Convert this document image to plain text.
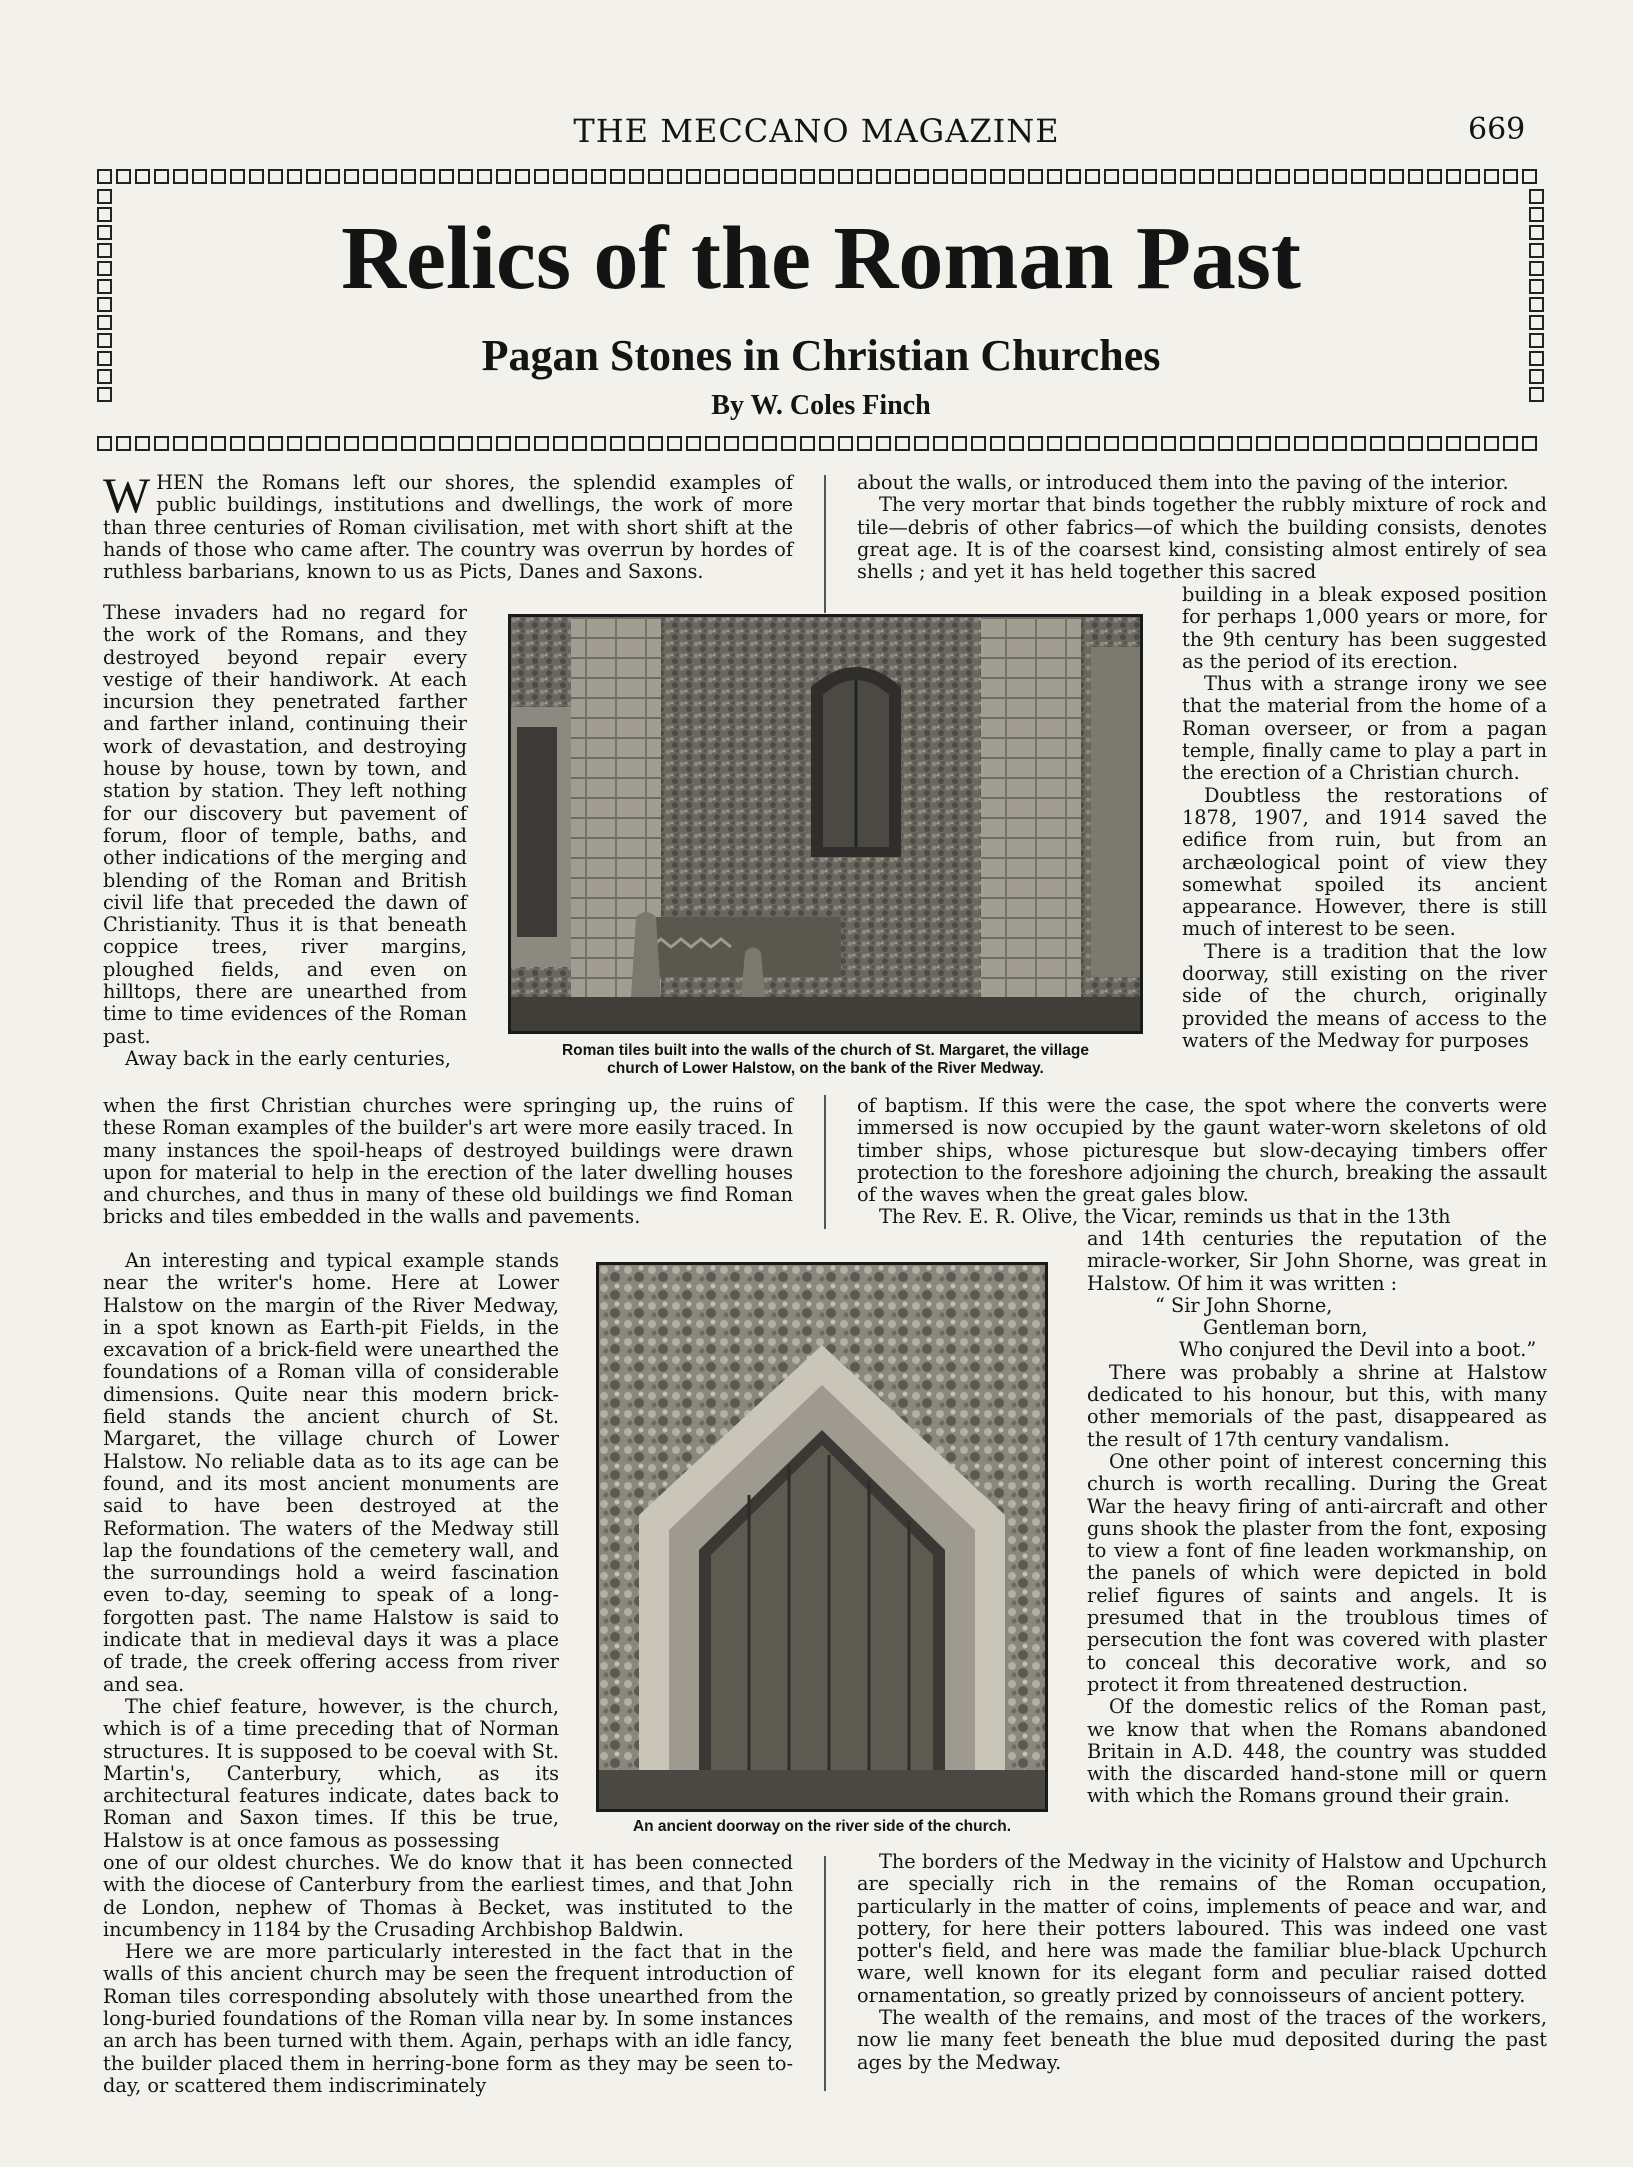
THE MECCANO MAGAZINE	669
Relics of the Roman Past
Pagan Stones in Christian Churches
By W. Coles Finch

WHEN the Romans left our shores, the splendid examples of public buildings, institutions and dwellings, the work of more than three centuries of Roman civilisation, met with short shift at the hands of those who came after. The country was overrun by hordes of ruthless barbarians, known to us as Picts, Danes and Saxons.

These invaders had no regard for the work of the Romans, and they destroyed beyond repair every vestige of their handiwork. At each incursion they penetrated farther and farther inland, continuing their work of devastation, and destroying house by house, town by town, and station by station. They left nothing for our discovery but pavement of forum, floor of temple, baths, and other indications of the merging and blending of the Roman and British civil life that preceded the dawn of Christianity. Thus it is that beneath coppice trees, river margins, ploughed fields, and even on hilltops, there are unearthed from time to time evidences of the Roman past.

Away back in the early centuries,	Roman tiles built into the walls of the church of St. Margaret, the village
church of Lower Halstow, on the bank of the River Medway.

when the first Christian churches were springing up, the ruins of these Roman examples of the builder's art were more easily traced. In many instances the spoil-heaps of destroyed buildings were drawn upon for material to help in the erection of the later dwelling houses and churches, and thus in many of these old buildings we find Roman bricks and tiles embedded in the walls and pavements.

An interesting and typical example stands near the writer's home. Here at Lower Halstow on the margin of the River Medway, in a spot known as Earth-pit Fields, in the excavation of a brick-field were unearthed the foundations of a Roman villa of considerable dimensions. Quite near this modern brick-field stands the ancient church of St. Margaret, the village church of Lower Halstow. No reliable data as to its age can be found, and its most ancient monuments are said to have been destroyed at the Reformation. The waters of the Medway still lap the foundations of the cemetery wall, and the surroundings hold a weird fascination even to-day, seeming to speak of a long-forgotten past. The name Halstow is said to indicate that in medieval days it was a place of trade, the creek offering access from river and sea.

The chief feature, however, is the church, which is of a time preceding that of Norman structures. It is supposed to be coeval with St. Martin's, Canterbury, which, as its architectural features indicate, dates back to Roman and Saxon times. If this be true, Halstow is at once famous as possessing

An ancient doorway on the river side of the church.

one of our oldest churches. We do know that it has been connected with the diocese of Canterbury from the earliest times, and that John de London, nephew of Thomas à Becket, was instituted to the incumbency in 1184 by the Crusading Archbishop Baldwin.

Here we are more particularly interested in the fact that in the walls of this ancient church may be seen the frequent introduction of Roman tiles corresponding absolutely with those unearthed from the long-buried foundations of the Roman villa near by. In some instances an arch has been turned with them. Again, perhaps with an idle fancy, the builder placed them in herring-bone form as they may be seen to-day, or scattered them indiscriminately

about the walls, or introduced them into the paving of the interior.

The very mortar that binds together the rubbly mixture of rock and tile—debris of other fabrics—of which the building consists, denotes great age. It is of the coarsest kind, consisting almost entirely of sea shells ; and yet it has held together this sacred

building in a bleak exposed position for perhaps 1,000 years or more, for the 9th century has been suggested as the period of its erection.

Thus with a strange irony we see that the material from the home of a Roman overseer, or from a pagan temple, finally came to play a part in the erection of a Christian church.

Doubtless the restorations of 1878, 1907, and 1914 saved the edifice from ruin, but from an archæological point of view they somewhat spoiled its ancient appearance. However, there is still much of interest to be seen.

There is a tradition that the low doorway, still existing on the river side of the church, originally provided the means of access to the waters of the Medway for purposes

of baptism. If this were the case, the spot where the converts were immersed is now occupied by the gaunt water-worn skeletons of old timber ships, whose picturesque but slow-decaying timbers offer protection to the foreshore adjoining the church, breaking the assault of the waves when the great gales blow.

The Rev. E. R. Olive, the Vicar, reminds us that in the 13th

and 14th centuries the reputation of the miracle-worker, Sir John Shorne, was great in Halstow. Of him it was written :

“ Sir John Shorne,

Gentleman born,

Who conjured the Devil into a boot.”

There was probably a shrine at Halstow dedicated to his honour, but this, with many other memorials of the past, disappeared as the result of 17th century vandalism.

One other point of interest concerning this church is worth recalling. During the Great War the heavy firing of anti-aircraft and other guns shook the plaster from the font, exposing to view a font of fine leaden workmanship, on the panels of which were depicted in bold relief figures of saints and angels. It is presumed that in the troublous times of persecution the font was covered with plaster to conceal this decorative work, and so protect it from threatened destruction.

Of the domestic relics of the Roman past, we know that when the Romans abandoned Britain in A.D. 448, the country was studded with the discarded hand-stone mill or quern with which the Romans ground their grain.

The borders of the Medway in the vicinity of Halstow and Upchurch are specially rich in the remains of the Roman occupation, particularly in the matter of coins, implements of peace and war, and pottery, for here their potters laboured. This was indeed one vast potter's field, and here was made the familiar blue-black Upchurch ware, well known for its elegant form and peculiar raised dotted ornamentation, so greatly prized by connoisseurs of ancient pottery.

The wealth of the remains, and most of the traces of the workers, now lie many feet beneath the blue mud deposited during the past ages by the Medway.
